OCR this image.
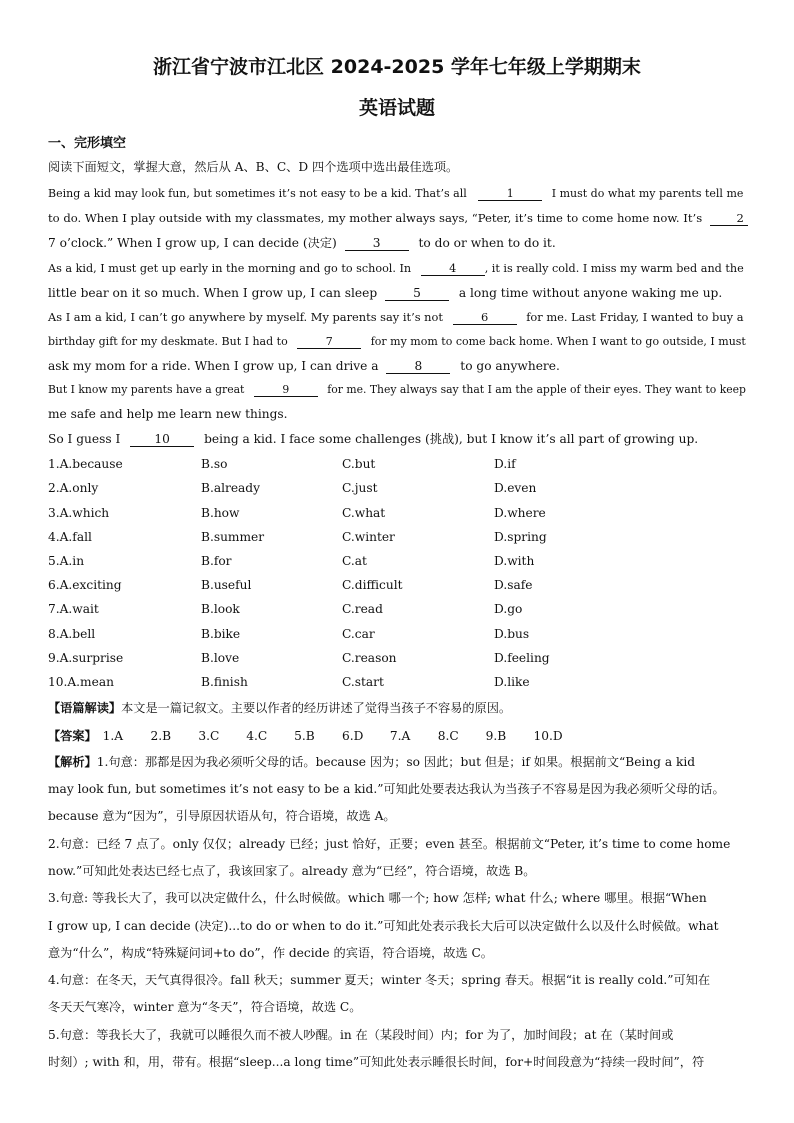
浙江省宁波市江北区 2024-2025 学年七年级上学期期末
英语试题
一、完形填空
阅读下面短文，掌握大意，然后从 A、B、C、D 四个选项中选出最佳选项。
Being a kid may look fun, but sometimes it’s not easy to be a kid. That’s all	1	I must do what my parents tell me
to do. When I play outside with my classmates, my mother always says, “Peter, it’s time to come home now. It’s	2
7 o’clock.” When I grow up, I can decide (决定)	3	to do or when to do it.
As a kid, I must get up early in the morning and go to school. In	4	, it is really cold. I miss my warm bed and the
little bear on it so much. When I grow up, I can sleep	5	a long time without anyone waking me up.
As I am a kid, I can’t go anywhere by myself. My parents say it’s not	6	for me. Last Friday, I wanted to buy a
birthday gift for my deskmate. But I had to	7	for my mom to come back home. When I want to go outside, I must
ask my mom for a ride. When I grow up, I can drive a	8	to go anywhere.
But I know my parents have a great	9	for me. They always say that I am the apple of their eyes. They want to keep
me safe and help me learn new things.
So I guess I	10	being a kid. I face some challenges (挑战), but I know it’s all part of growing up.
1.A.because	B.so	C.but	D.if
2.A.only	B.already	C.just	D.even
3.A.which	B.how	C.what	D.where
4.A.fall	B.summer	C.winter	D.spring
5.A.in	B.for	C.at	D.with
6.A.exciting	B.useful	C.difficult	D.safe
7.A.wait	B.look	C.read	D.go
8.A.bell	B.bike	C.car	D.bus
9.A.surprise	B.love	C.reason	D.feeling
10.A.mean	B.finish	C.start	D.like
【语篇解读】本文是一篇记叙文。主要以作者的经历讲述了觉得当孩子不容易的原因。
【答案】 1.A 2.B 3.C 4.C 5.B 6.D 7.A 8.C 9.B 10.D
【解析】1.句意：那都是因为我必须听父母的话。because 因为；so 因此；but 但是；if 如果。根据前文“Being a kid
may look fun, but sometimes it’s not easy to be a kid.”可知此处要表达我认为当孩子不容易是因为我必须听父母的话。
because 意为“因为”，引导原因状语从句，符合语境，故选 A。
2.句意：已经 7 点了。only 仅仅；already 已经；just 恰好，正要；even 甚至。根据前文“Peter, it’s time to come home
now.”可知此处表达已经七点了，我该回家了。already 意为“已经”，符合语境，故选 B。
3.句意: 等我长大了，我可以决定做什么，什么时候做。which 哪一个; how 怎样; what 什么; where 哪里。根据“When
I grow up, I can decide (决定)...to do or when to do it.”可知此处表示我长大后可以决定做什么以及什么时候做。what
意为“什么”，构成“特殊疑问词+to do”，作 decide 的宾语，符合语境，故选 C。
4.句意：在冬天，天气真得很冷。fall 秋天；summer 夏天；winter 冬天；spring 春天。根据“it is really cold.”可知在
冬天天气寒冷，winter 意为“冬天”，符合语境，故选 C。
5.句意：等我长大了，我就可以睡很久而不被人吵醒。in 在（某段时间）内；for 为了，加时间段；at 在（某时间或
时刻）; with 和，用，带有。根据“sleep...a long time”可知此处表示睡很长时间，for+时间段意为“持续一段时间”，符
